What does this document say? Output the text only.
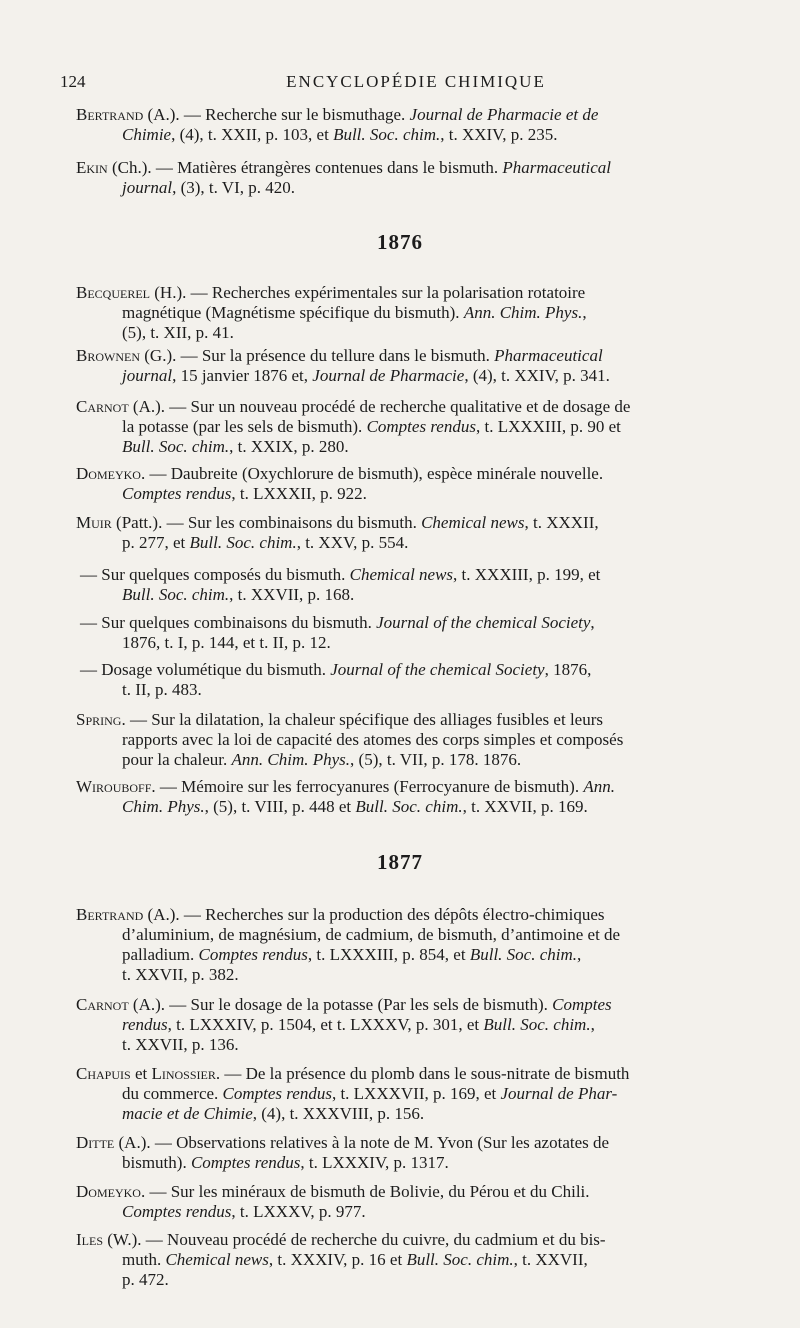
124	ENCYCLOPÉDIE CHIMIQUE
Bertrand (A.). — Recherche sur le bismuthage. Journal de Pharmacie et de
Chimie, (4), t. XXII, p. 103, et Bull. Soc. chim., t. XXIV, p. 235.
Ekin (Ch.). — Matières étrangères contenues dans le bismuth. Pharmaceutical
journal, (3), t. VI, p. 420.
1876
Becquerel (H.). — Recherches expérimentales sur la polarisation rotatoire
magnétique (Magnétisme spécifique du bismuth). Ann. Chim. Phys.,
(5), t. XII, p. 41.
Brownen (G.). — Sur la présence du tellure dans le bismuth. Pharmaceutical
journal, 15 janvier 1876 et, Journal de Pharmacie, (4), t. XXIV, p. 341.
Carnot (A.). — Sur un nouveau procédé de recherche qualitative et de dosage de
la potasse (par les sels de bismuth). Comptes rendus, t. LXXXIII, p. 90 et
Bull. Soc. chim., t. XXIX, p. 280.
Domeyko. — Daubreite (Oxychlorure de bismuth), espèce minérale nouvelle.
Comptes rendus, t. LXXXII, p. 922.
Muir (Patt.). — Sur les combinaisons du bismuth. Chemical news, t. XXXII,
p. 277, et Bull. Soc. chim., t. XXV, p. 554.
— Sur quelques composés du bismuth. Chemical news, t. XXXIII, p. 199, et
Bull. Soc. chim., t. XXVII, p. 168.
— Sur quelques combinaisons du bismuth. Journal of the chemical Society,
1876, t. I, p. 144, et t. II, p. 12.
— Dosage volumétique du bismuth. Journal of the chemical Society, 1876,
t. II, p. 483.
Spring. — Sur la dilatation, la chaleur spécifique des alliages fusibles et leurs
rapports avec la loi de capacité des atomes des corps simples et composés
pour la chaleur. Ann. Chim. Phys., (5), t. VII, p. 178. 1876.
Wirouboff. — Mémoire sur les ferrocyanures (Ferrocyanure de bismuth). Ann.
Chim. Phys., (5), t. VIII, p. 448 et Bull. Soc. chim., t. XXVII, p. 169.
1877
Bertrand (A.). — Recherches sur la production des dépôts électro-chimiques
d’aluminium, de magnésium, de cadmium, de bismuth, d’antimoine et de
palladium. Comptes rendus, t. LXXXIII, p. 854, et Bull. Soc. chim.,
t. XXVII, p. 382.
Carnot (A.). — Sur le dosage de la potasse (Par les sels de bismuth). Comptes
rendus, t. LXXXIV, p. 1504, et t. LXXXV, p. 301, et Bull. Soc. chim.,
t. XXVII, p. 136.
Chapuis et Linossier. — De la présence du plomb dans le sous-nitrate de bismuth
du commerce. Comptes rendus, t. LXXXVII, p. 169, et Journal de Phar-
macie et de Chimie, (4), t. XXXVIII, p. 156.
Ditte (A.). — Observations relatives à la note de M. Yvon (Sur les azotates de
bismuth). Comptes rendus, t. LXXXIV, p. 1317.
Domeyko. — Sur les minéraux de bismuth de Bolivie, du Pérou et du Chili.
Comptes rendus, t. LXXXV, p. 977.
Iles (W.). — Nouveau procédé de recherche du cuivre, du cadmium et du bis-
muth. Chemical news, t. XXXIV, p. 16 et Bull. Soc. chim., t. XXVII,
p. 472.
